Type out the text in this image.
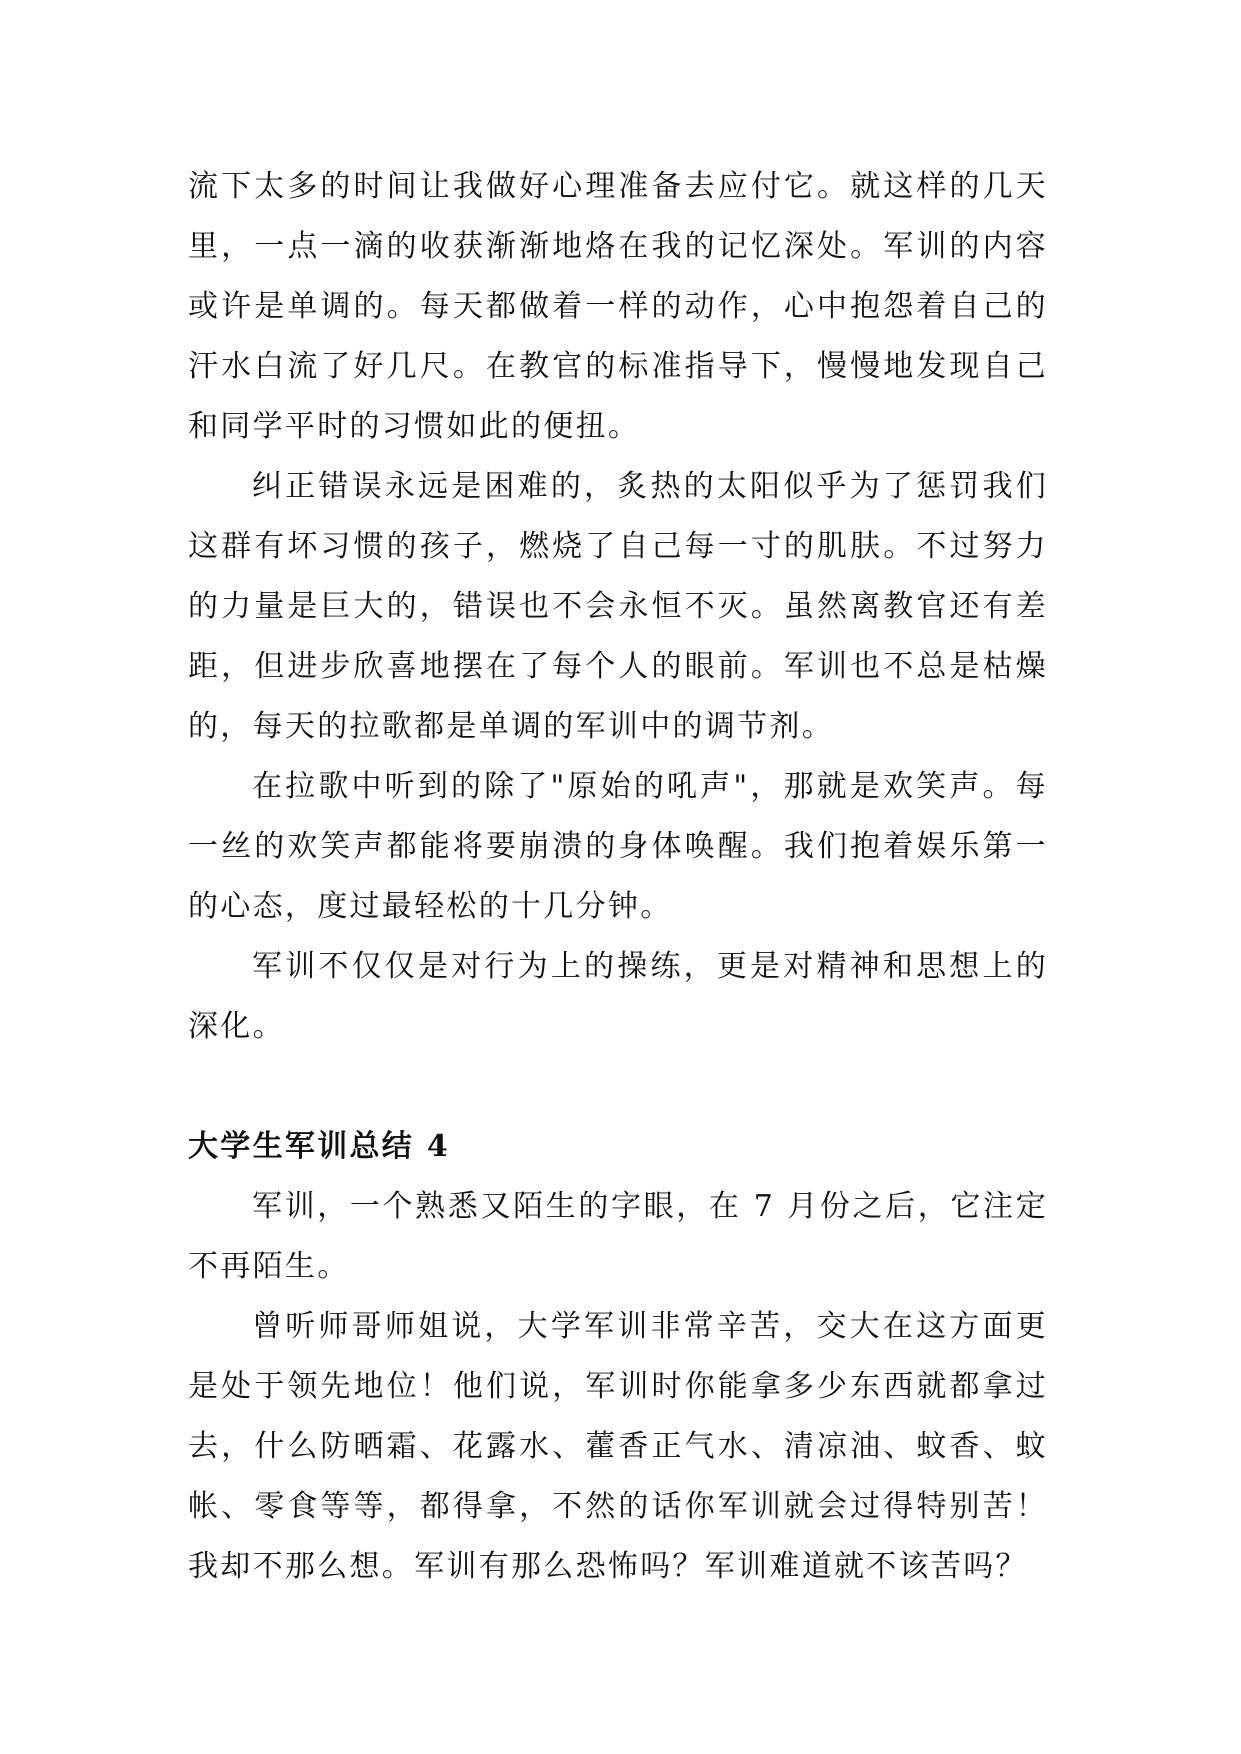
流下太多的时间让我做好心理准备去应付它。就这样的几天里，一点一滴的收获渐渐地烙在我的记忆深处。军训的内容或许是单调的。每天都做着一样的动作，心中抱怨着自己的汗水白流了好几尺。在教官的标准指导下，慢慢地发现自己和同学平时的习惯如此的便扭。

纠正错误永远是困难的，炙热的太阳似乎为了惩罚我们这群有坏习惯的孩子，燃烧了自己每一寸的肌肤。不过努力的力量是巨大的，错误也不会永恒不灭。虽然离教官还有差距，但进步欣喜地摆在了每个人的眼前。军训也不总是枯燥的，每天的拉歌都是单调的军训中的调节剂。

在拉歌中听到的除了"原始的吼声"，那就是欢笑声。每一丝的欢笑声都能将要崩溃的身体唤醒。我们抱着娱乐第一的心态，度过最轻松的十几分钟。

军训不仅仅是对行为上的操练，更是对精神和思想上的深化。

大学生军训总结 4

军训，一个熟悉又陌生的字眼，在 7 月份之后，它注定不再陌生。

曾听师哥师姐说，大学军训非常辛苦，交大在这方面更是处于领先地位！他们说，军训时你能拿多少东西就都拿过去，什么防晒霜、花露水、藿香正气水、清凉油、蚊香、蚊帐、零食等等，都得拿，不然的话你军训就会过得特别苦！我却不那么想。军训有那么恐怖吗？军训难道就不该苦吗？
